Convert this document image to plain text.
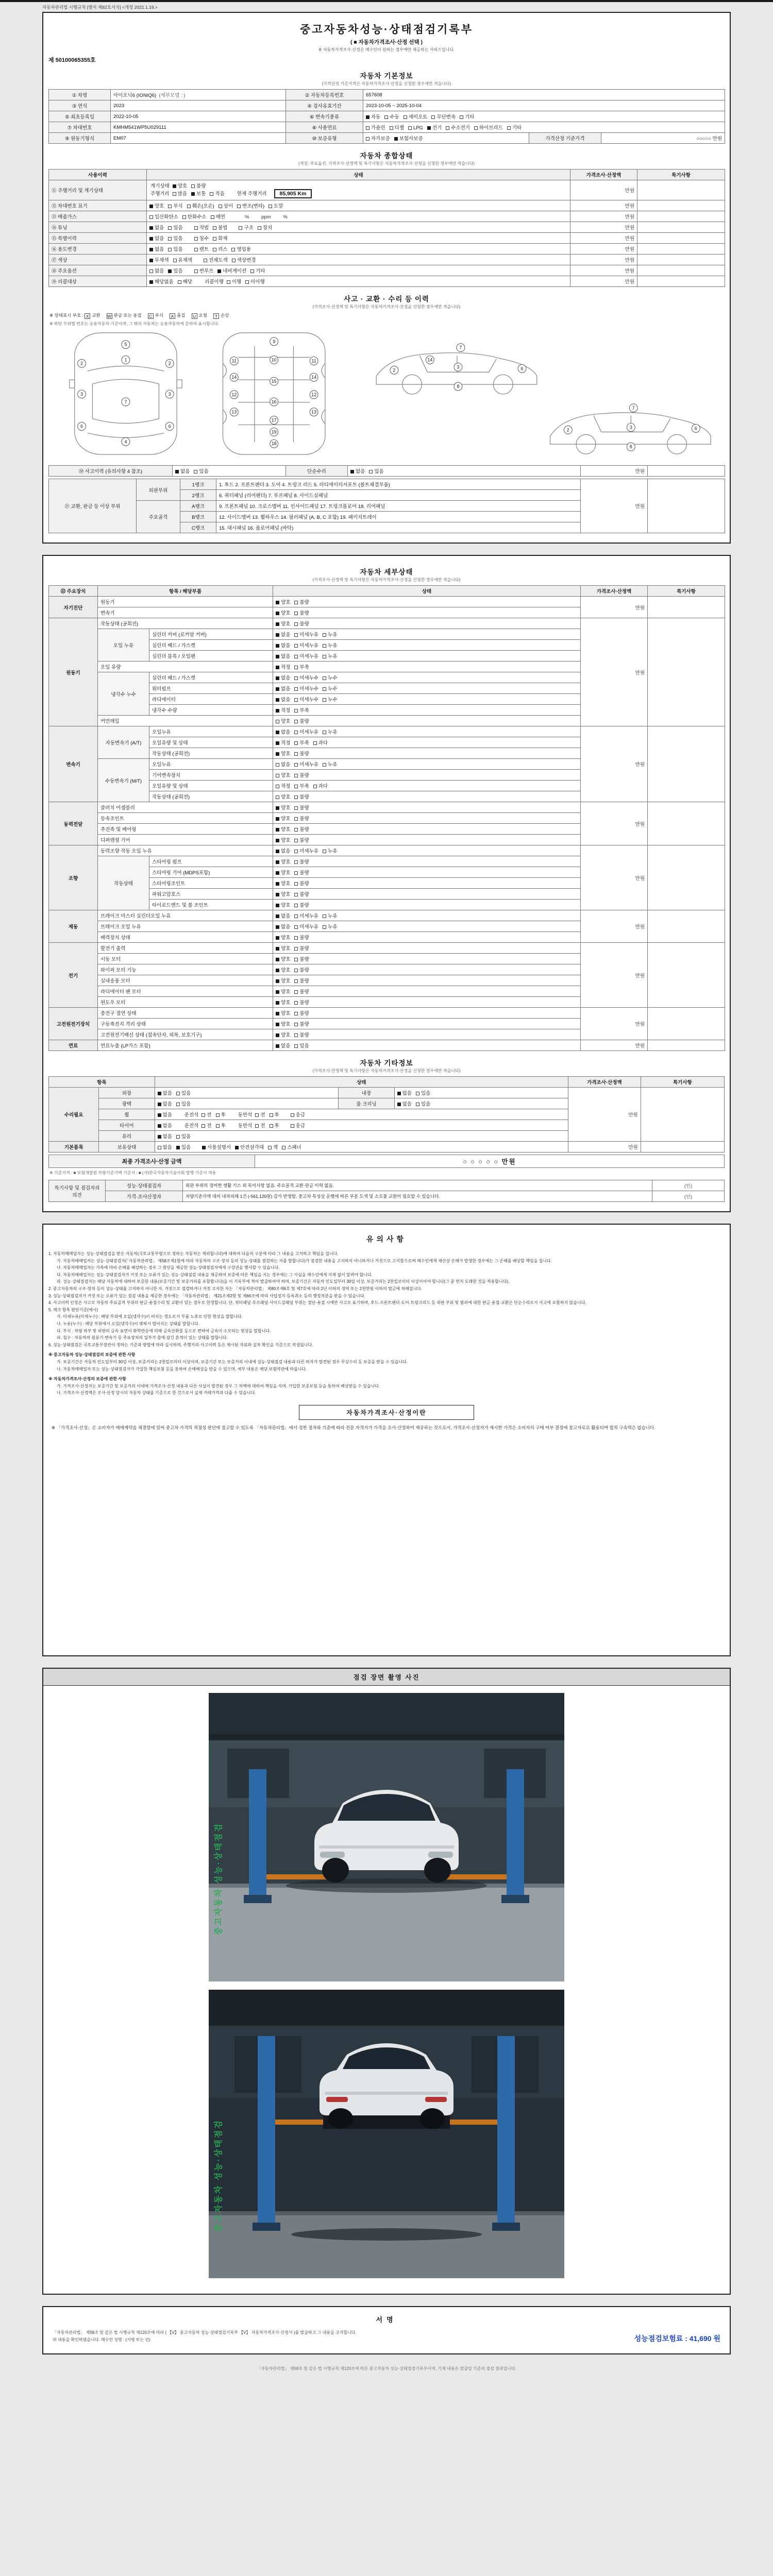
자동차관리법 시행규칙 [별지 제82호서식] <개정 2021.1.19.>
중고자동차성능·상태점검기록부
( ■ 자동차가격조사·산정 선택 )
※ 자동차가격조사·산정은 매수인이 원하는 경우에만 제공하는 서비스입니다.
제 50100065355호
자동차 기본정보
(가격산정 기준가격은 자동차가격조사·산정을 신청한 경우에만 적습니다)
① 차명	아이오닉6 (IONIQ6) (세부모델 : )	② 자동차등록번호	657608		
③ 연식	2023	④ 검사유효기간	2023-10-05 ~ 2025-10-04		
⑤ 최초등록일	2022-10-05	⑥ 변속기종류	자동 수동 세미오토 무단변속 기타		
⑦ 차대번호	KMHM541WP5U029111	⑧ 사용연료	가솔린 디젤 LPG 전기 수소전기 하이브리드 기타		
⑨ 원동기형식	EM07	⑩ 보증유형	자가보증 보험사보증	가격산정 기준가격	○○○○○ 만원
자동차 종합상태
(색상, 주요옵션, 가격조사·산정액 및 특기사항은 자동차가격조사·산정을 신청한 경우에만 적습니다)
사용이력	상태	가격조사·산정액	특기사항
⑪ 주행거리 및 계기상태	계기상태 양호 불량
주행거리 많음 보통 적음 현재 주행거리 85,905 Km	만원	
⑫ 차대번호 표기	양호 부식 훼손(오손) 상이 변조(변타) 도말	만원	
⑬ 배출가스	일산화탄소 탄화수소 매연 %         ppm         %	만원	
⑭ 튜닝	없음 있음 적법 불법 구조 장치	만원	
⑮ 특별이력	없음 있음 침수 화재	만원	
⑯ 용도변경	없음 있음 렌트 리스 영업용	만원	
⑰ 색상	무채색 유채색 전체도색 색상변경	만원	
⑱ 주요옵션	없음 있음 썬루프 네비게이션 기타	만원	
⑲ 리콜대상	해당없음 해당 리콜이행 이행 미이행	만원	
사고 · 교환 · 수리 등 이력
(가격조사·산정액 및 특기사항은 자동차가격조사·산정을 신청한 경우에만 적습니다)
※ 상태표시 부호 : X 교환 W 판금 또는 용접 C 부식 A 흠집 U 요철 T 손상
※ 하단 부위별 번호는 승용자동차 기준이며, 그 밖의 자동차는 승용자동차에 준하여 표시합니다.
5
2	2
3	3
6	6
7
4
1
9
10
11	11
14	14
12	12
13	13
15
16
17
19
18
2
3	6
7
8
14
2	3	6
7
8
⑳ 사고이력 (유의사항 4 참조)	없음 있음	단순수리	없음 있음	만원	
㉑ 교환, 판금 등 이상 부위	외판부위	1랭크	1. 후드 2. 프론트펜더 3. 도어 4. 트렁크 리드 5. 라디에이터서포트 (볼트체결부품)	만원	
		2랭크	6. 쿼터패널 (리어펜더) 7. 루프패널 8. 사이드실패널		
	주요골격	A랭크	9. 프론트패널 10. 크로스멤버 11. 인사이드패널 17. 트렁크플로어 18. 리어패널		
		B랭크	12. 사이드멤버 13. 휠하우스 14. 필러패널 (A, B, C 포함) 19. 패키지트레이		
		C랭크	15. 대시패널 16. 플로어패널 (바닥)		
자동차 세부상태
(가격조사·산정액 및 특기사항은 자동차가격조사·산정을 신청한 경우에만 적습니다)
㉒ 주요장치	항목 / 해당부품		상태	가격조사·산정액	특기사항
자기진단	원동기		양호 불량	만원	
	변속기		양호 불량		
원동기	작동상태 (공회전)		양호 불량	만원	
	오일 누유	실린더 커버 (로커암 커버)	없음 미세누유 누유		
		실린더 헤드 / 가스켓	없음 미세누유 누유		
		실린더 블록 / 오일팬	없음 미세누유 누유		
	오일 유량		적정 부족		
	냉각수 누수	실린더 헤드 / 가스켓	없음 미세누수 누수		
		워터펌프	없음 미세누수 누수		
		라디에이터	없음 미세누수 누수		
		냉각수 수량	적정 부족		
	커먼레일		양호 불량		
변속기	자동변속기 (A/T)	오일누유	없음 미세누유 누유	만원	
		오일유량 및 상태	적정 부족 과다		
		작동상태 (공회전)	양호 불량		
	수동변속기 (M/T)	오일누유	없음 미세누유 누유		
		기어변속장치	양호 불량		
		오일유량 및 상태	적정 부족 과다		
		작동상태 (공회전)	양호 불량		
동력전달	클러치 어셈블리		양호 불량	만원	
	등속조인트		양호 불량		
	추진축 및 베어링		양호 불량		
	디퍼렌셜 기어		양호 불량		
조향	동력조향 작동 오일 누유		없음 미세누유 누유	만원	
	작동상태	스티어링 펌프	양호 불량		
		스티어링 기어 (MDPS포함)	양호 불량		
		스티어링조인트	양호 불량		
		파워고압호스	양호 불량		
		타이로드엔드 및 볼 조인트	양호 불량		
제동	브레이크 마스터 실린더오일 누유		없음 미세누유 누유	만원	
	브레이크 오일 누유		없음 미세누유 누유		
	배력장치 상태		양호 불량		
전기	발전기 출력		양호 불량	만원	
	시동 모터		양호 불량		
	와이퍼 모터 기능		양호 불량		
	실내송풍 모터		양호 불량		
	라디에이터 팬 모터		양호 불량		
	윈도우 모터		양호 불량		
고전원전기장치	충전구 절연 상태		양호 불량	만원	
	구동축전지 격리 상태		양호 불량		
	고전원전기배선 상태 (접속단자, 피복, 보호기구)		양호 불량		
연료	연료누출 (LP가스 포함)		없음 있음	만원	
자동차 기타정보
(가격조사·산정액 및 특기사항은 자동차가격조사·산정을 신청한 경우에만 적습니다)
항목		상태			가격조사·산정액	특기사항
수리필요	외장	없음 있음	내장	없음 있음	만원	
	광택	없음 있음	룸 크리닝	없음 있음		
	휠	없음 운전석 전 후 동반석 전 후 응급				
	타이어	없음 운전석 전 후 동반석 전 후 응급				
	유리	없음 있음				
기본품목	보유상태	없음 있음 사용설명서 안전삼각대 잭 스패너			만원	
최종 가격조사·산정 금액	○ ○ ○ ○ ○ 만원
※ 기준가격 : ■ 보험개발원 차량기준가액 기준서 : ■ (사)한국자동차기술사회 발행 기준서 적용
특기사항 및 점검자의 의견	성능·상태점검자	외판 부위의 경미한 생활 기스 외 특이사항 없음. 주요골격 교환·판금 이력 없음.	(인)
	가격·조사산정자	차량기준가액 대비 내차피해 1건 (-561,120원) 감가 반영함. 중고차 특성상 운행에 따른 부분 도색 및 소모품 교환이 필요할 수 있습니다.	(인)
유의사항
1. 자동차매매업자는 성능·상태점검을 받은 자동차(국토교통부령으로 정하는 자동차는 제외합니다)에 대하여 다음의 구분에 따라 그 내용을 고지하고 책임을 집니다.
가. 자동차매매업자는 성능·상태점검자(「자동차관리법」 제58조제1항에 따라 자동차의 구조·장치 등의 성능·상태를 점검하는 자를 말합니다)가 점검한 내용을 고지하지 아니하거나 거짓으로 고지함으로써 매수인에게 재산상 손해가 발생한 경우에는 그 손해를 배상할 책임을 집니다.
나. 자동차매매업자는 가목에 따라 손해를 배상하는 경우 그 원인을 제공한 성능·상태점검자에게 구상권을 행사할 수 있습니다.
다. 자동차매매업자는 성능·상태점검자가 거짓 또는 오류가 있는 성능·상태점검 내용을 제공하여 보증에 따른 책임을 지는 경우에는 그 사실을 매수인에게 지체 없이 알려야 합니다.
라. 성능·상태점검자는 해당 자동차에 대하여 보증한 내용(보증기간 및 보증거리를 포함합니다)을 이 기록부에 적어 발급하여야 하며, 보증기간은 자동차 인도일부터 30일 이상, 보증거리는 2천킬로미터 이상이어야 합니다(그 중 먼저 도래한 것을 적용합니다).
2. 중고자동차의 구조·장치 등의 성능·상태를 고지하지 아니한 자, 거짓으로 점검하거나 거짓 고지한 자는 「자동차관리법」 제80조제6호 및 제7호에 따라 2년 이하의 징역 또는 2천만원 이하의 벌금에 처해집니다.
3. 성능·상태점검자가 거짓 또는 오류가 있는 점검 내용을 제공한 경우에는 「자동차관리법」 제21조제2항 및 제66조에 따라 사업정지·등록취소 등의 행정처분을 받을 수 있습니다.
4. 사고이력 인정은 사고로 자동차 주요골격 부위의 판금·용접수리 및 교환이 있는 경우로 한정합니다. 단, 쿼터패널·루프패널·사이드실패널 부위는 절단·용접 시에만 사고로 표기하며, 후드·프론트펜더·도어·트렁크리드 등 외판 부위 및 범퍼에 대한 판금·용접·교환은 단순수리로서 사고에 포함하지 않습니다.
5. 체크 항목 판단기준(예시)
가. 미세누유(미세누수) : 해당 부위에 오일(냉각수)이 비치는 정도로서 부품 노후로 인한 현상을 말합니다.
나. 누유(누수) : 해당 부위에서 오일(냉각수)이 맺혀서 떨어지는 상태를 말합니다.
다. 부식 : 차량 하부 및 외판의 금속 표면이 화학반응에 의해 금속산화물 등으로 변하여 금속이 소모되는 현상을 말합니다.
라. 침수 : 자동차의 원동기·변속기 등 주요장치의 일부가 물에 잠긴 흔적이 있는 상태를 말합니다.
6. 성능·상태점검은 국토교통부장관이 정하는 기준과 방법에 따라 실시하며, 주행거리·사고이력 등은 제시된 자료와 실차 확인을 기준으로 작성됩니다.
※ 중고자동차 성능·상태점검의 보증에 관한 사항
가. 보증기간은 자동차 인도일부터 30일 이상, 보증거리는 2천킬로미터 이상이며, 보증기간 또는 보증거리 이내에 성능·상태점검 내용과 다른 하자가 발견된 경우 무상수리 등 보증을 받을 수 있습니다.
나. 자동차매매업자 또는 성능·상태점검자가 가입한 책임보험 등을 통하여 손해배상을 받을 수 있으며, 세부 내용은 해당 보험약관에 따릅니다.
※ 자동차가격조사·산정의 보증에 관한 사항
가. 가격조사·산정자는 보증기간 및 보증거리 이내에 가격조사·산정 내용과 다른 사실이 발견된 경우 그 차액에 대하여 책임을 지며, 가입한 보증보험 등을 통하여 배상받을 수 있습니다.
나. 가격조사·산정액은 조사·산정 당시의 자동차 상태를 기준으로 한 것으로서 실제 거래가격과 다를 수 있습니다.
자동차가격조사·산정이란
※ 「가격조사·산정」은 소비자가 매매계약을 체결함에 있어 중고차 가격의 적절성 판단에 참고할 수 있도록 「자동차관리법」에서 정한 절차와 기준에 따라 전문 자격자가 가격을 조사·산정하여 제공하는 것으로서, 가격조사·산정자가 제시한 가격은 소비자의 구매 여부 결정에 참고자료로 활용되며 법적 구속력은 없습니다.
점검 장면 촬영 사진
중고자동차 성능·상태점검
중고자동차 성능·상태점검
서명
「자동차관리법」 제58조 및 같은 법 시행규칙 제120조에 따라 ( 【V】 중고자동차 성능·상태점검기록부 【V】 자동차가격조사·산정서 )를 발급하고 그 내용을 고지합니다.
위 내용을 확인하였습니다. 매수인 성명 : (서명 또는 인)	성능점검보험료 : 41,690 원
「자동차관리법」 제58조 및 같은 법 시행규칙 제120조에 따른 중고자동차 성능·상태점검기록부이며, 기재 내용은 발급일 기준의 점검 결과입니다.
